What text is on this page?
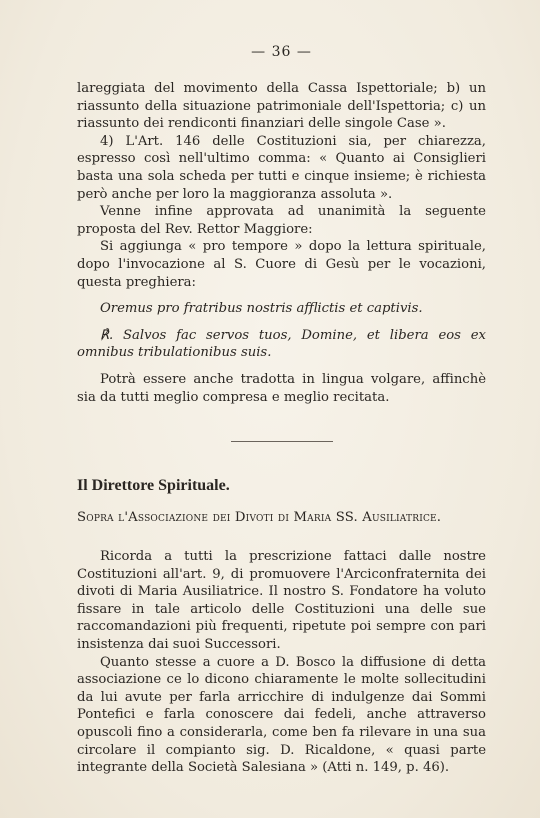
— 36 —

lareggiata del movimento della Cassa Ispettoriale; b) un riassunto della situazione patrimoniale dell'Ispettoria; c) un riassunto dei rendiconti finanziari delle singole Case ».

4) L'Art. 146 delle Costituzioni sia, per chiarezza, espresso così nell'ultimo comma: « Quanto ai Consiglieri basta una sola scheda per tutti e cinque insieme; è richiesta però anche per loro la maggioranza assoluta ».

Venne infine approvata ad unanimità la seguente proposta del Rev. Rettor Maggiore:

Si aggiunga « pro tempore » dopo la lettura spirituale, dopo l'invocazione al S. Cuore di Gesù per le vocazioni, questa preghiera:

Oremus pro fratribus nostris afflictis et captivis.

℟. Salvos fac servos tuos, Domine, et libera eos ex omnibus tribulationibus suis.

Potrà essere anche tradotta in lingua volgare, affinchè sia da tutti meglio compresa e meglio recitata.

Il Direttore Spirituale.
Sopra l'Associazione dei Divoti di Maria SS. Ausiliatrice.

Ricorda a tutti la prescrizione fattaci dalle nostre Costituzioni all'art. 9, di promuovere l'Arciconfraternita dei divoti di Maria Ausiliatrice. Il nostro S. Fondatore ha voluto fissare in tale articolo delle Costituzioni una delle sue raccomandazioni più frequenti, ripetute poi sempre con pari insistenza dai suoi Successori.

Quanto stesse a cuore a D. Bosco la diffusione di detta associazione ce lo dicono chiaramente le molte sollecitudini da lui avute per farla arricchire di indulgenze dai Sommi Pontefici e farla conoscere dai fedeli, anche attraverso opuscoli fino a considerarla, come ben fa rilevare in una sua circolare il compianto sig. D. Ricaldone, « quasi parte integrante della Società Salesiana » (Atti n. 149, p. 46).
